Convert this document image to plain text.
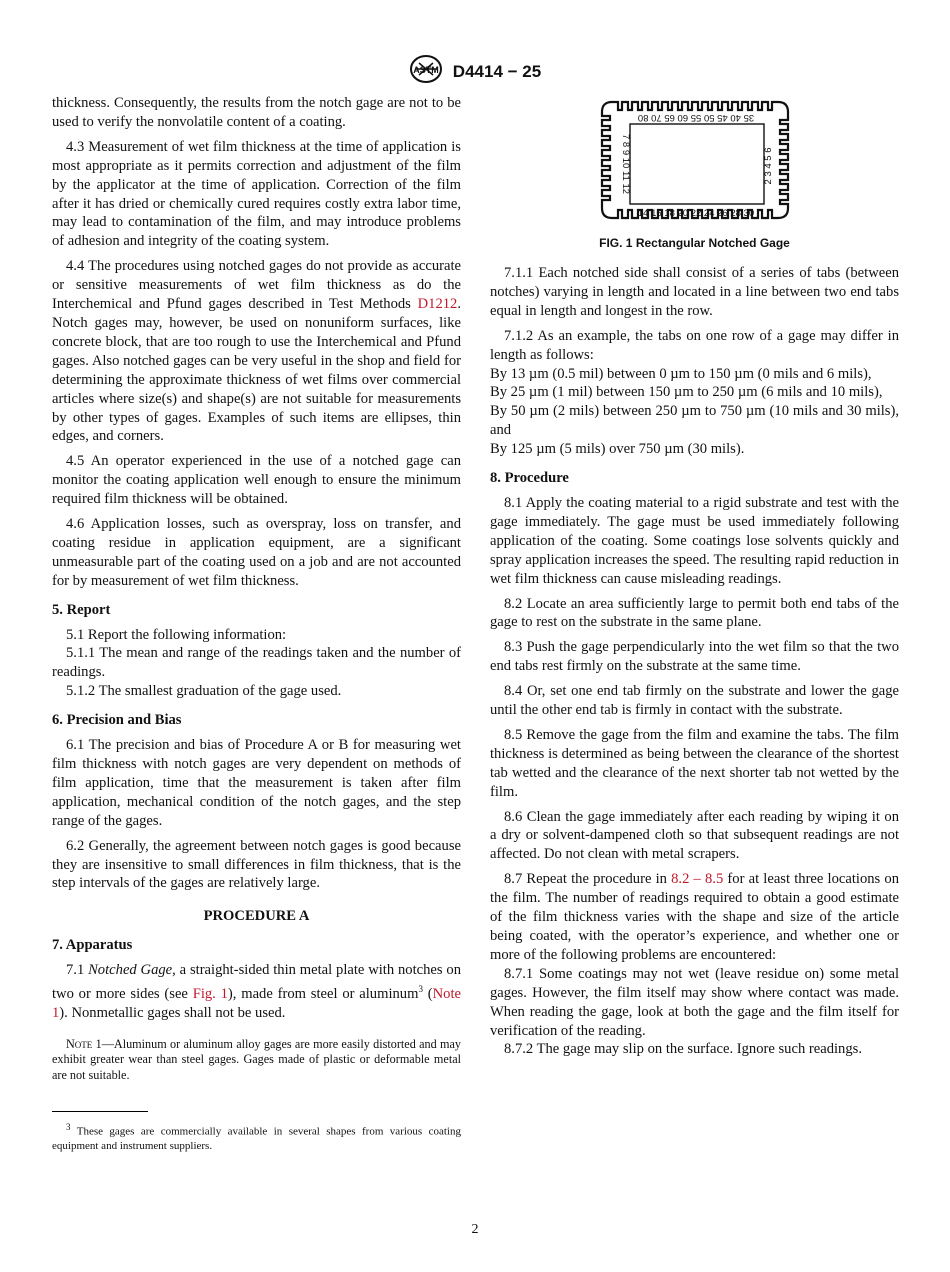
ASTM D4414 − 25

thickness. Consequently, the results from the notch gage are not to be used to verify the nonvolatile content of a coating.

4.3 Measurement of wet film thickness at the time of application is most appropriate as it permits correction and adjustment of the film by the applicator at the time of application. Correction of the film after it has dried or chemically cured requires costly extra labor time, may lead to contamination of the film, and may introduce problems of adhesion and integrity of the coating system.

4.4 The procedures using notched gages do not provide as accurate or sensitive measurements of wet film thickness as do the Interchemical and Pfund gages described in Test Methods D1212. Notch gages may, however, be used on nonuniform surfaces, like concrete block, that are too rough to use the Interchemical and Pfund gages. Also notched gages can be very useful in the shop and field for determining the approximate thickness of wet films over commercial articles where size(s) and shape(s) are not suitable for measurements by other types of gages. Examples of such items are ellipses, thin edges, and corners.

4.5 An operator experienced in the use of a notched gage can monitor the coating application well enough to ensure the minimum required film thickness will be obtained.

4.6 Application losses, such as overspray, loss on transfer, and coating residue in application equipment, are a significant unmeasurable part of the coating used on a job and are not accounted for by measurement of wet film thickness.

5. Report

5.1 Report the following information:

5.1.1 The mean and range of the readings taken and the number of readings.

5.1.2 The smallest graduation of the gage used.

6. Precision and Bias

6.1 The precision and bias of Procedure A or B for measuring wet film thickness with notch gages are very dependent on methods of film application, time that the measurement is taken after film application, mechanical condition of the notch gages, and the step range of the gages.

6.2 Generally, the agreement between notch gages is good because they are insensitive to small differences in film thickness, that is the step intervals of the gages are relatively large.

PROCEDURE A
7. Apparatus

7.1 Notched Gage, a straight-sided thin metal plate with notches on two or more sides (see Fig. 1), made from steel or aluminum$^3$ (Note 1). Nonmetallic gages shall not be used.

Note 1—Aluminum or aluminum alloy gages are more easily distorted and may exhibit greater wear than steel gages. Gages made of plastic or deformable metal are not suitable.
$^3$ These gages are commercially available in several shapes from various coating equipment and instrument suppliers.
35 40 45 50 55 60 65 70 80
14 16 18 20 22 24 26 28 30
7 8 9 10 11 12	2 3 4 5 6
FIG. 1 Rectangular Notched Gage

7.1.1 Each notched side shall consist of a series of tabs (between notches) varying in length and located in a line between two end tabs equal in length and longest in the row.

7.1.2 As an example, the tabs on one row of a gage may differ in length as follows:

By 13 µm (0.5 mil) between 0 µm to 150 µm (0 mils and 6 mils),

By 25 µm (1 mil) between 150 µm to 250 µm (6 mils and 10 mils),

By 50 µm (2 mils) between 250 µm to 750 µm (10 mils and 30 mils), and

By 125 µm (5 mils) over 750 µm (30 mils).

8. Procedure

8.1 Apply the coating material to a rigid substrate and test with the gage immediately. The gage must be used immediately following application of the coating. Some coatings lose solvents quickly and spray application increases the speed. The resulting rapid reduction in wet film thickness can cause misleading readings.

8.2 Locate an area sufficiently large to permit both end tabs of the gage to rest on the substrate in the same plane.

8.3 Push the gage perpendicularly into the wet film so that the two end tabs rest firmly on the substrate at the same time.

8.4 Or, set one end tab firmly on the substrate and lower the gage until the other end tab is firmly in contact with the substrate.

8.5 Remove the gage from the film and examine the tabs. The film thickness is determined as being between the clearance of the shortest tab wetted and the clearance of the next shorter tab not wetted by the film.

8.6 Clean the gage immediately after each reading by wiping it on a dry or solvent-dampened cloth so that subsequent readings are not affected. Do not clean with metal scrapers.

8.7 Repeat the procedure in 8.2 – 8.5 for at least three locations on the film. The number of readings required to obtain a good estimate of the film thickness varies with the shape and size of the article being coated, with the operator’s experience, and whether one or more of the following problems are encountered:

8.7.1 Some coatings may not wet (leave residue on) some metal gages. However, the film itself may show where contact was made. When reading the gage, look at both the gage and the film itself for verification of the reading.

8.7.2 The gage may slip on the surface. Ignore such readings.

2
